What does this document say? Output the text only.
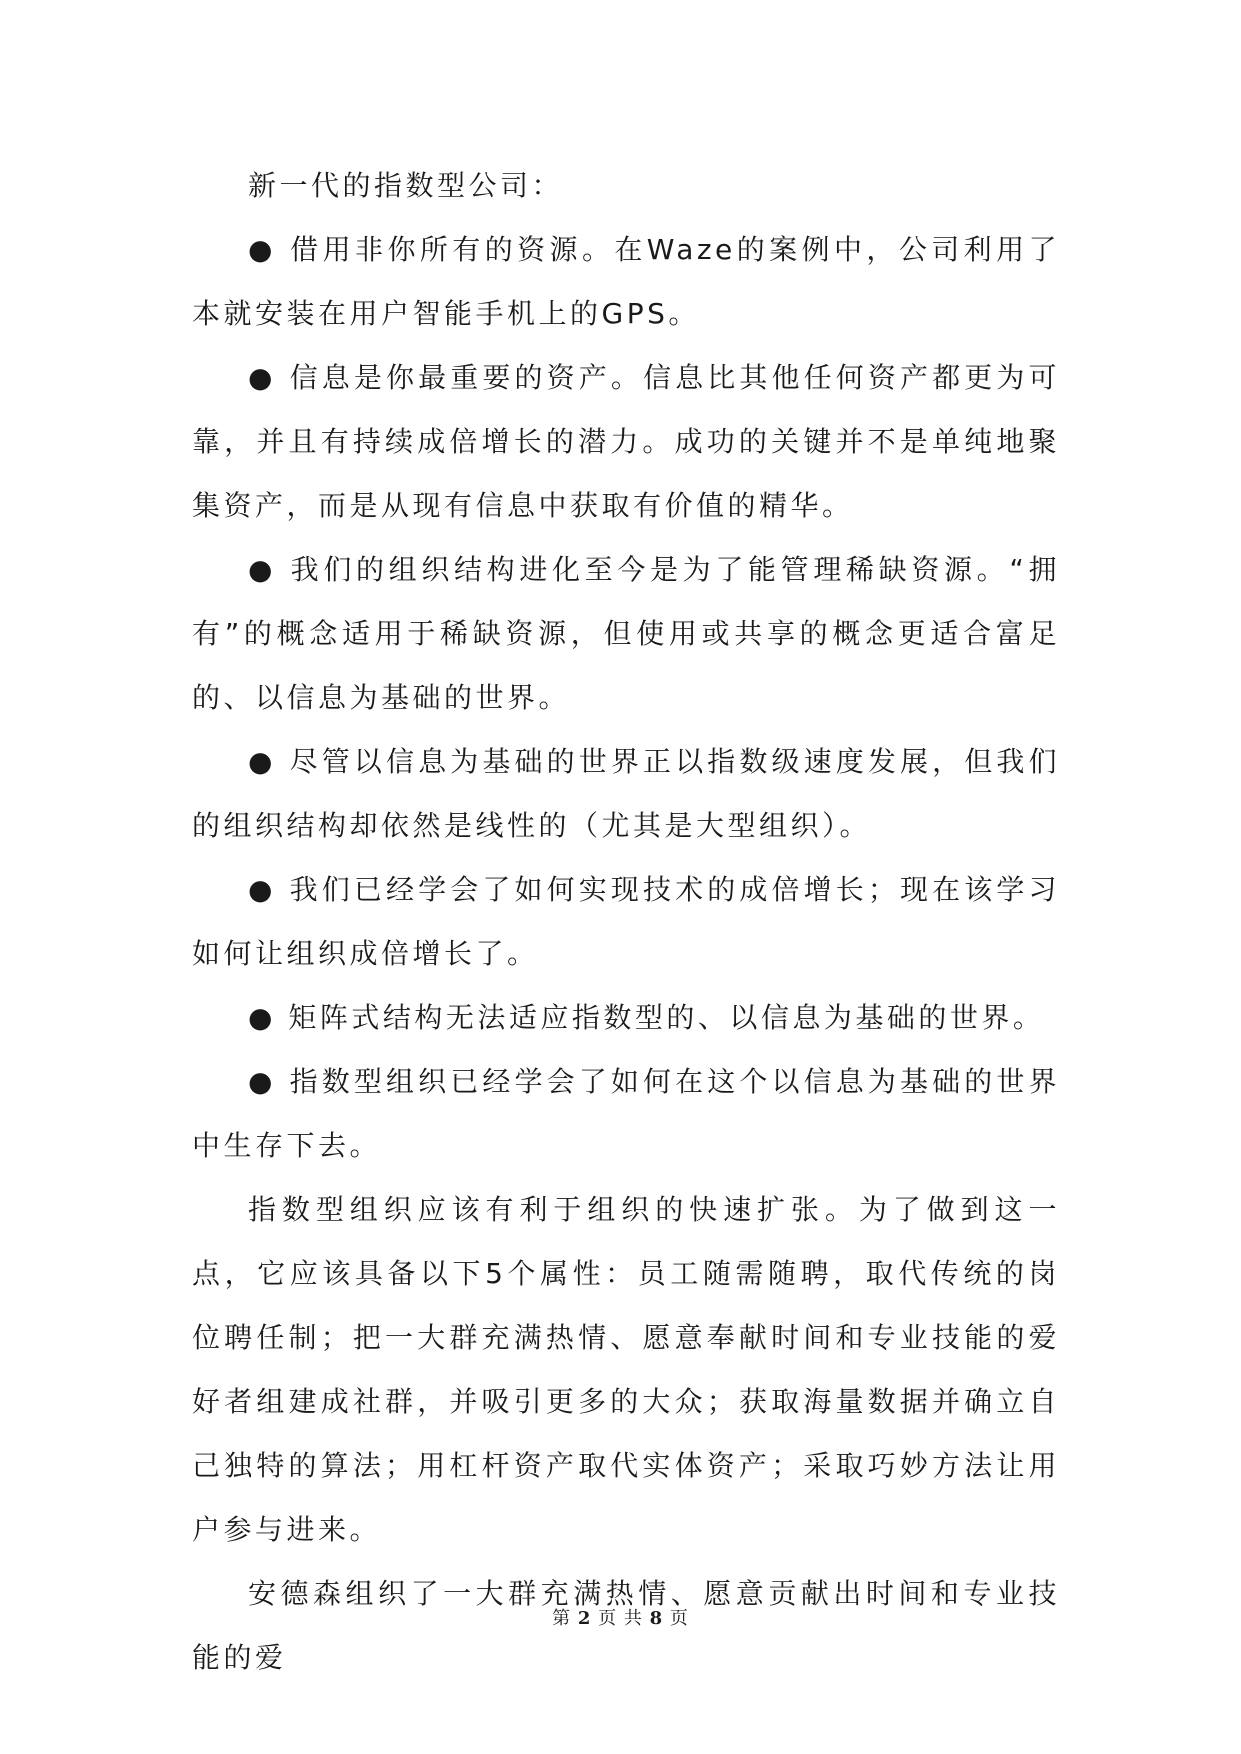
新一代的指数型公司：

● 借用非你所有的资源。在Waze的案例中，公司利用了本就安装在用户智能手机上的GPS。

● 信息是你最重要的资产。信息比其他任何资产都更为可靠，并且有持续成倍增长的潜力。成功的关键并不是单纯地聚集资产，而是从现有信息中获取有价值的精华。

● 我们的组织结构进化至今是为了能管理稀缺资源。“拥有”的概念适用于稀缺资源，但使用或共享的概念更适合富足的、以信息为基础的世界。

● 尽管以信息为基础的世界正以指数级速度发展，但我们的组织结构却依然是线性的（尤其是大型组织）。

● 我们已经学会了如何实现技术的成倍增长；现在该学习如何让组织成倍增长了。

● 矩阵式结构无法适应指数型的、以信息为基础的世界。

● 指数型组织已经学会了如何在这个以信息为基础的世界中生存下去。

指数型组织应该有利于组织的快速扩张。为了做到这一点，它应该具备以下5个属性：员工随需随聘，取代传统的岗位聘任制；把一大群充满热情、愿意奉献时间和专业技能的爱好者组建成社群，并吸引更多的大众；获取海量数据并确立自己独特的算法；用杠杆资产取代实体资产；采取巧妙方法让用户参与进来。

安德森组织了一大群充满热情、愿意贡献出时间和专业技能的爱

第 2 页 共 8 页
